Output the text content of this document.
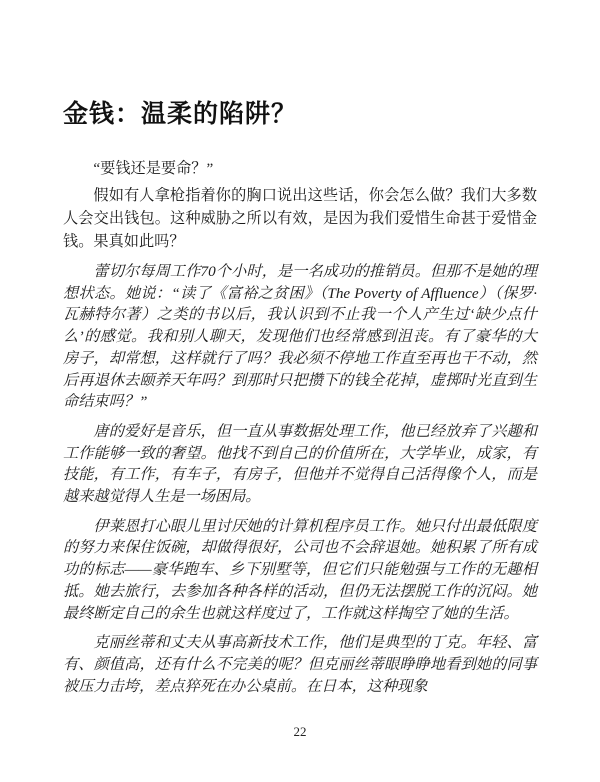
金钱：温柔的陷阱？

“要钱还是要命？”

假如有人拿枪指着你的胸口说出这些话，你会怎么做？我们大多数人会交出钱包。这种威胁之所以有效，是因为我们爱惜生命甚于爱惜金钱。果真如此吗？

蕾切尔每周工作70个小时，是一名成功的推销员。但那不是她的理想状态。她说：“读了《富裕之贫困》（The Poverty of Affluence）（保罗·瓦赫特尔著）之类的书以后，我认识到不止我一个人产生过‘缺少点什么’的感觉。我和别人聊天，发现他们也经常感到沮丧。有了豪华的大房子，却常想，这样就行了吗？我必须不停地工作直至再也干不动，然后再退休去颐养天年吗？到那时只把攒下的钱全花掉，虚掷时光直到生命结束吗？”

唐的爱好是音乐，但一直从事数据处理工作，他已经放弃了兴趣和工作能够一致的奢望。他找不到自己的价值所在，大学毕业，成家，有技能，有工作，有车子，有房子，但他并不觉得自己活得像个人，而是越来越觉得人生是一场困局。

伊莱恩打心眼儿里讨厌她的计算机程序员工作。她只付出最低限度的努力来保住饭碗，却做得很好，公司也不会辞退她。她积累了所有成功的标志——豪华跑车、乡下别墅等，但它们只能勉强与工作的无趣相抵。她去旅行，去参加各种各样的活动，但仍无法摆脱工作的沉闷。她最终断定自己的余生也就这样度过了，工作就这样掏空了她的生活。

克丽丝蒂和丈夫从事高新技术工作，他们是典型的丁克。年轻、富有、颜值高，还有什么不完美的呢？但克丽丝蒂眼睁睁地看到她的同事被压力击垮，差点猝死在办公桌前。在日本，这种现象

22
